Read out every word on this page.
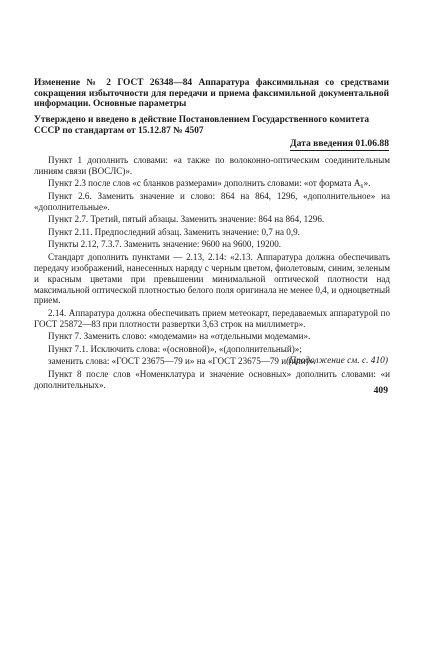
Изменение № 2 ГОСТ 26348—84 Аппаратура факсимильная со средствами сокращения избыточности для передачи и приема факсимильной документальной информации. Основные параметры
Утверждено и введено в действие Постановлением Государственного комитета СССР по стандартам от 15.12.87 № 4507
Дата введения 01.06.88

Пункт 1 дополнить словами: «а также по волоконно-оптическим соединительным линиям связи (ВОСЛС)».

Пункт 2.3 после слов «с бланков размерами» дополнить словами: «от формата А₆».

Пункт 2.6. Заменить значение и слово: 864 на 864, 1296, «дополнительное» на «дополнительные».

Пункт 2.7. Третий, пятый абзацы. Заменить значение: 864 на 864, 1296.

Пункт 2.11. Предпоследний абзац. Заменить значение: 0,7 на 0,9.

Пункты 2.12, 7.3.7. Заменить значение: 9600 на 9600, 19200.

Стандарт дополнить пунктами — 2.13, 2.14: «2.13. Аппаратура должна обеспечивать передачу изображений, нанесенных наряду с черным цветом, фиолетовым, синим, зеленым и красным цветами при превышении минимальной оптической плотности над максимальной оптической плотностью белого поля оригинала не менее 0,4, и одноцветный прием.

2.14. Аппаратура должна обеспечивать прием метеокарт, передаваемых аппаратурой по ГОСТ 25872—83 при плотности развертки 3,63 строк на миллиметр».

Пункт 7. Заменить слово: «модемами» на «отдельными модемами».

Пункт 7.1. Исключить слова: «(основной)», «(дополнительный)»;

заменить слова: «ГОСТ 23675—79 и» на «ГОСТ 23675—79 и (или)».

Пункт 8 после слов «Номенклатура и значение основных» дополнить словами: «и дополнительных».

(Продолжение см. с. 410)
409
